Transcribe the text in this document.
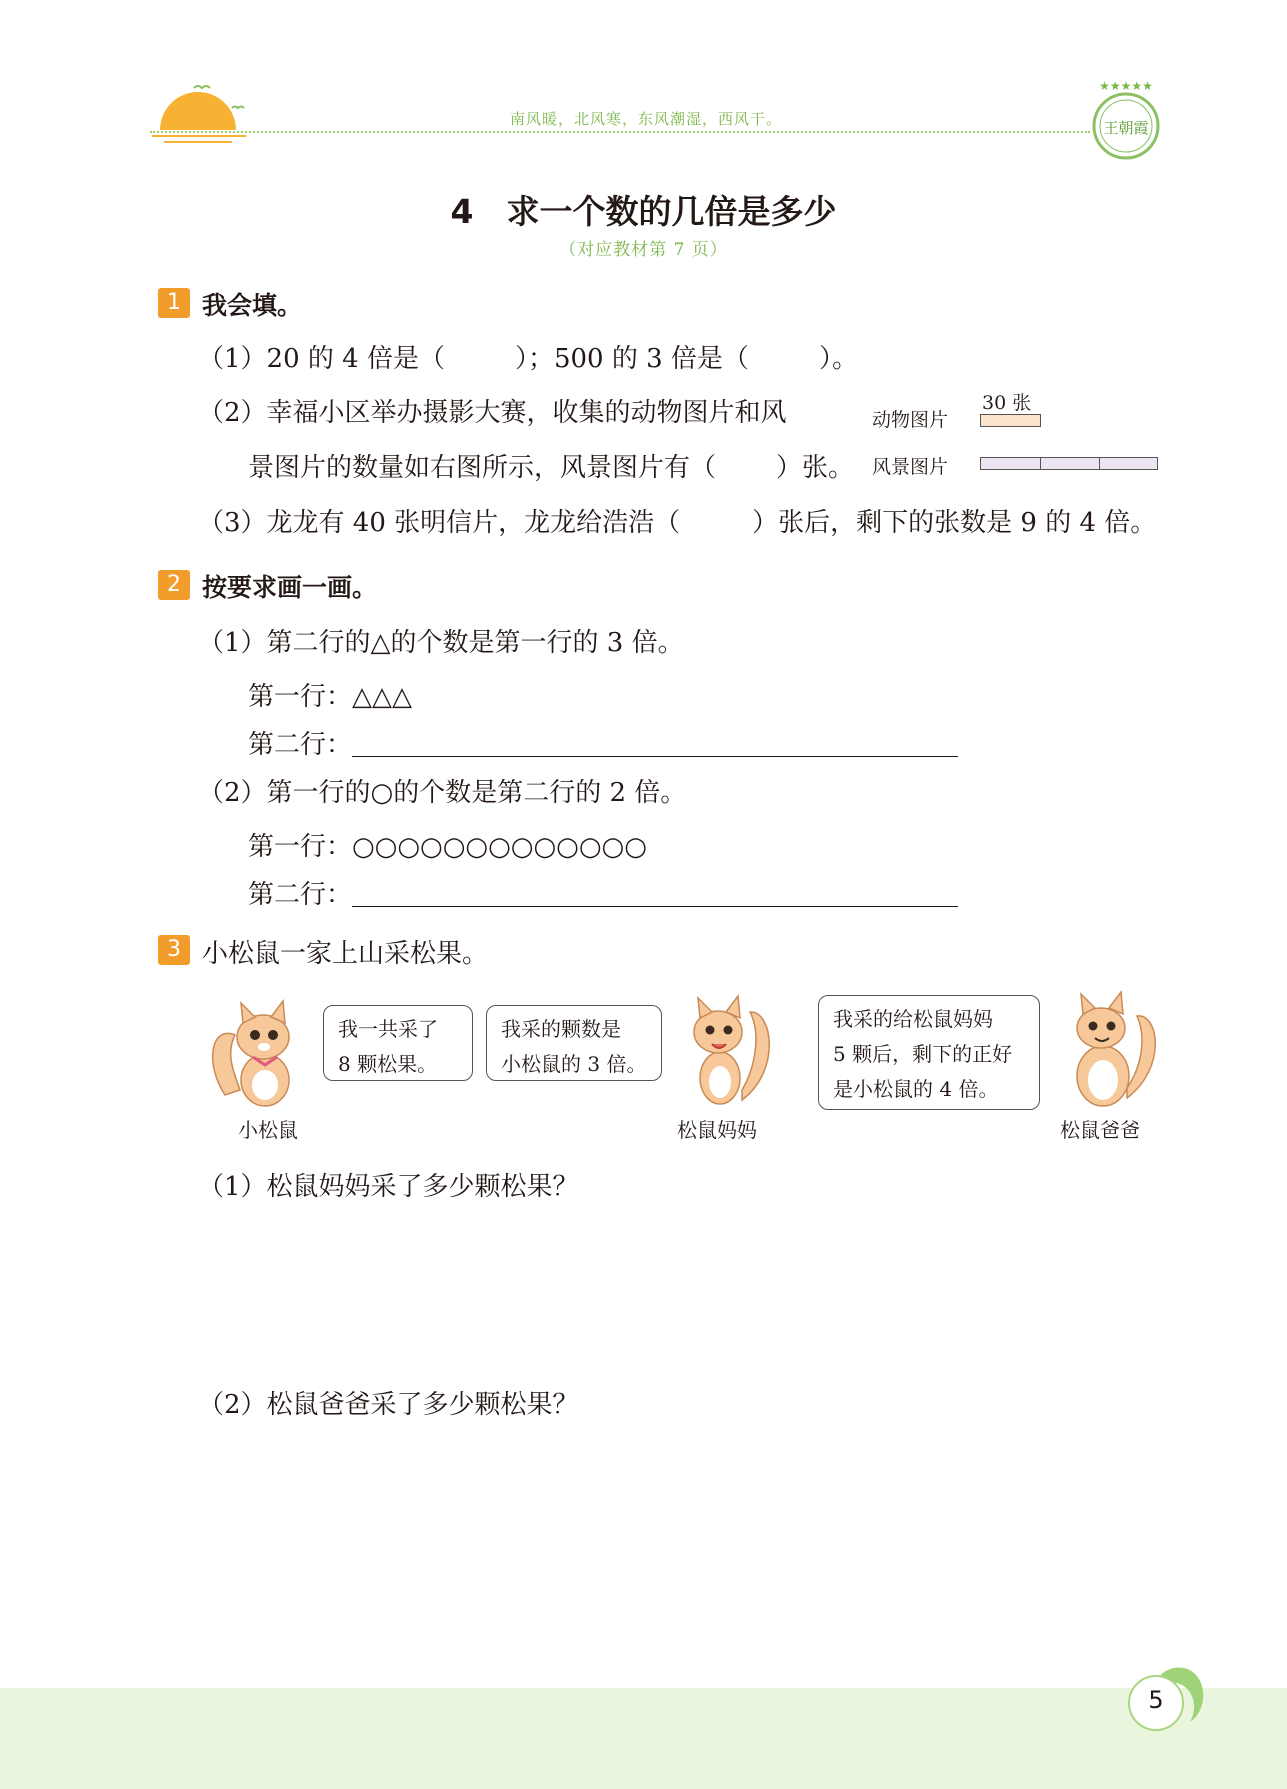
南风暖，北风寒，东风潮湿，西风干。
★★★★★
王朝霞
4　求一个数的几倍是多少
（对应教材第 7 页）
1 我会填。
（1）20 的 4 倍是（	）；500 的 3 倍是（	）。
（2）幸福小区举办摄影大赛，收集的动物图片和风
景图片的数量如右图所示，风景图片有（ ）张。
动物图片
30 张
风景图片
（3）龙龙有 40 张明信片，龙龙给浩浩（	）张后，剩下的张数是 9 的 4 倍。
2 按要求画一画。
（1）第二行的△的个数是第一行的 3 倍。
第一行：△△△
第二行：
（2）第一行的○的个数是第二行的 2 倍。
第一行：○○○○○○○○○○○○○
第二行：
3 小松鼠一家上山采松果。
小松鼠
我一共采了
8 颗松果。
我采的颗数是
小松鼠的 3 倍。
松鼠妈妈
我采的给松鼠妈妈
5 颗后，剩下的正好
是小松鼠的 4 倍。
松鼠爸爸
（1）松鼠妈妈采了多少颗松果？
（2）松鼠爸爸采了多少颗松果？
5
